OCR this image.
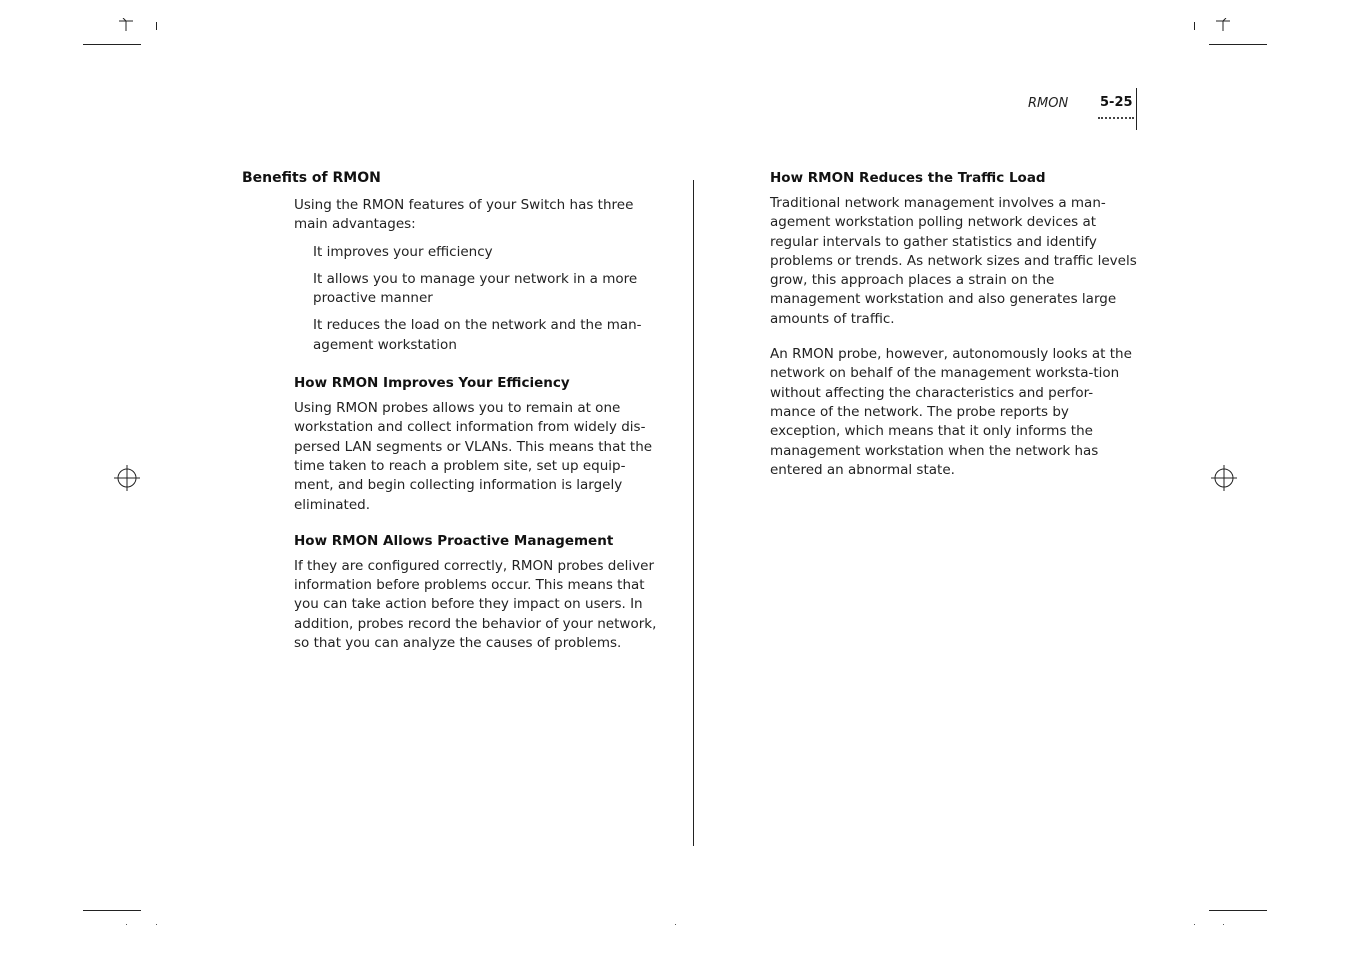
RMON 5-25
Benefits of RMON

Using the RMON features of your Switch has three main advantages:

It improves your efficiency
It allows you to manage your network in a more proactive manner
It reduces the load on the network and the man-agement workstation
How RMON Improves Your Efficiency

Using RMON probes allows you to remain at one workstation and collect information from widely dis-persed LAN segments or VLANs. This means that the time taken to reach a problem site, set up equip-ment, and begin collecting information is largely eliminated.

How RMON Allows Proactive Management

If they are configured correctly, RMON probes deliver information before problems occur. This means that you can take action before they impact on users. In addition, probes record the behavior of your network, so that you can analyze the causes of problems.

How RMON Reduces the Traffic Load

Traditional network management involves a man-agement workstation polling network devices at regular intervals to gather statistics and identify problems or trends. As network sizes and traffic levels grow, this approach places a strain on the management workstation and also generates large amounts of traffic.

An RMON probe, however, autonomously looks at the network on behalf of the management worksta-tion without affecting the characteristics and perfor-mance of the network. The probe reports by exception, which means that it only informs the management workstation when the network has entered an abnormal state.
